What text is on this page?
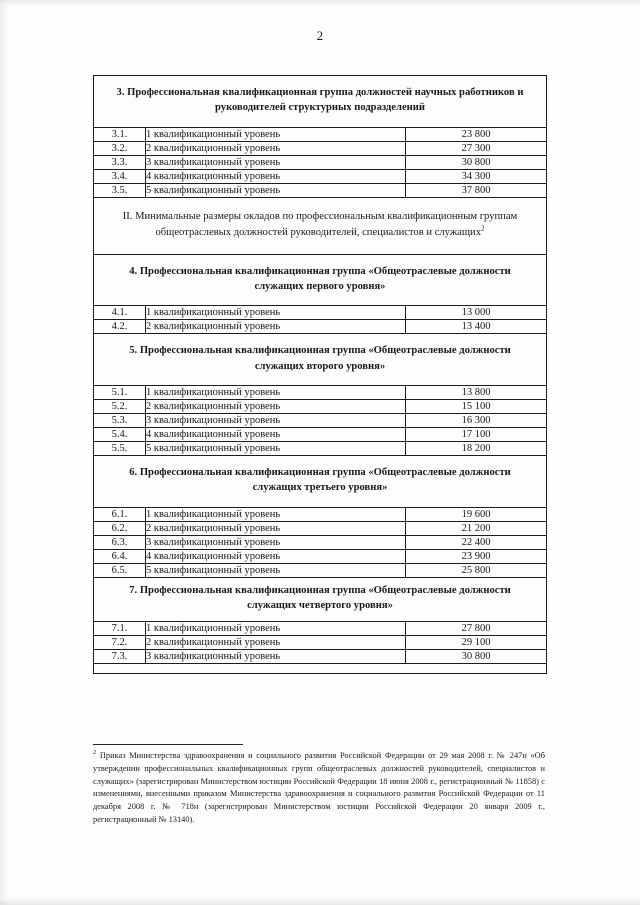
2
3. Профессиональная квалификационная группа должностей научных работников и руководителей структурных подразделений		
3.1.	1 квалификационный уровень	23 800
3.2.	2 квалификационный уровень	27 300
3.3.	3 квалификационный уровень	30 800
3.4.	4 квалификационный уровень	34 300
3.5.	5 квалификационный уровень	37 800
II. Минимальные размеры окладов по профессиональным квалификационным группам общеотраслевых должностей руководителей, специалистов и служащих$^2$
4. Профессиональная квалификационная группа «Общеотраслевые должности служащих первого уровня»		
4.1.	1 квалификационный уровень	13 000
4.2.	2 квалификационный уровень	13 400
5. Профессиональная квалификационная группа «Общеотраслевые должности служащих второго уровня»		
5.1.	1 квалификационный уровень	13 800
5.2.	2 квалификационный уровень	15 100
5.3.	3 квалификационный уровень	16 300
5.4.	4 квалификационный уровень	17 100
5.5.	5 квалификационный уровень	18 200
6. Профессиональная квалификационная группа «Общеотраслевые должности служащих третьего уровня»		
6.1.	1 квалификационный уровень	19 600
6.2.	2 квалификационный уровень	21 200
6.3.	3 квалификационный уровень	22 400
6.4.	4 квалификационный уровень	23 900
6.5.	5 квалификационный уровень	25 800
7. Профессиональная квалификационная группа «Общеотраслевые должности служащих четвертого уровня»		
7.1.	1 квалификационный уровень	27 800
7.2.	2 квалификационный уровень	29 100
7.3.	3 квалификационный уровень	30 800

$^2$ Приказ Министерства здравоохранения и социального развития Российской Федерации от 29 мая 2008 г. № 247н «Об утверждении профессиональных квалификационных групп общеотраслевых должностей руководителей, специалистов и служащих» (зарегистрирован Министерством юстиции Российской Федерации 18 июня 2008 г., регистрационный № 11858) с изменениями, внесенными приказом Министерства здравоохранения и социального развития Российской Федерации от 11 декабря 2008 г. № 718н (зарегистрирован Министерством юстиции Российской Федерации 20 января 2009 г., регистрационный № 13140).
